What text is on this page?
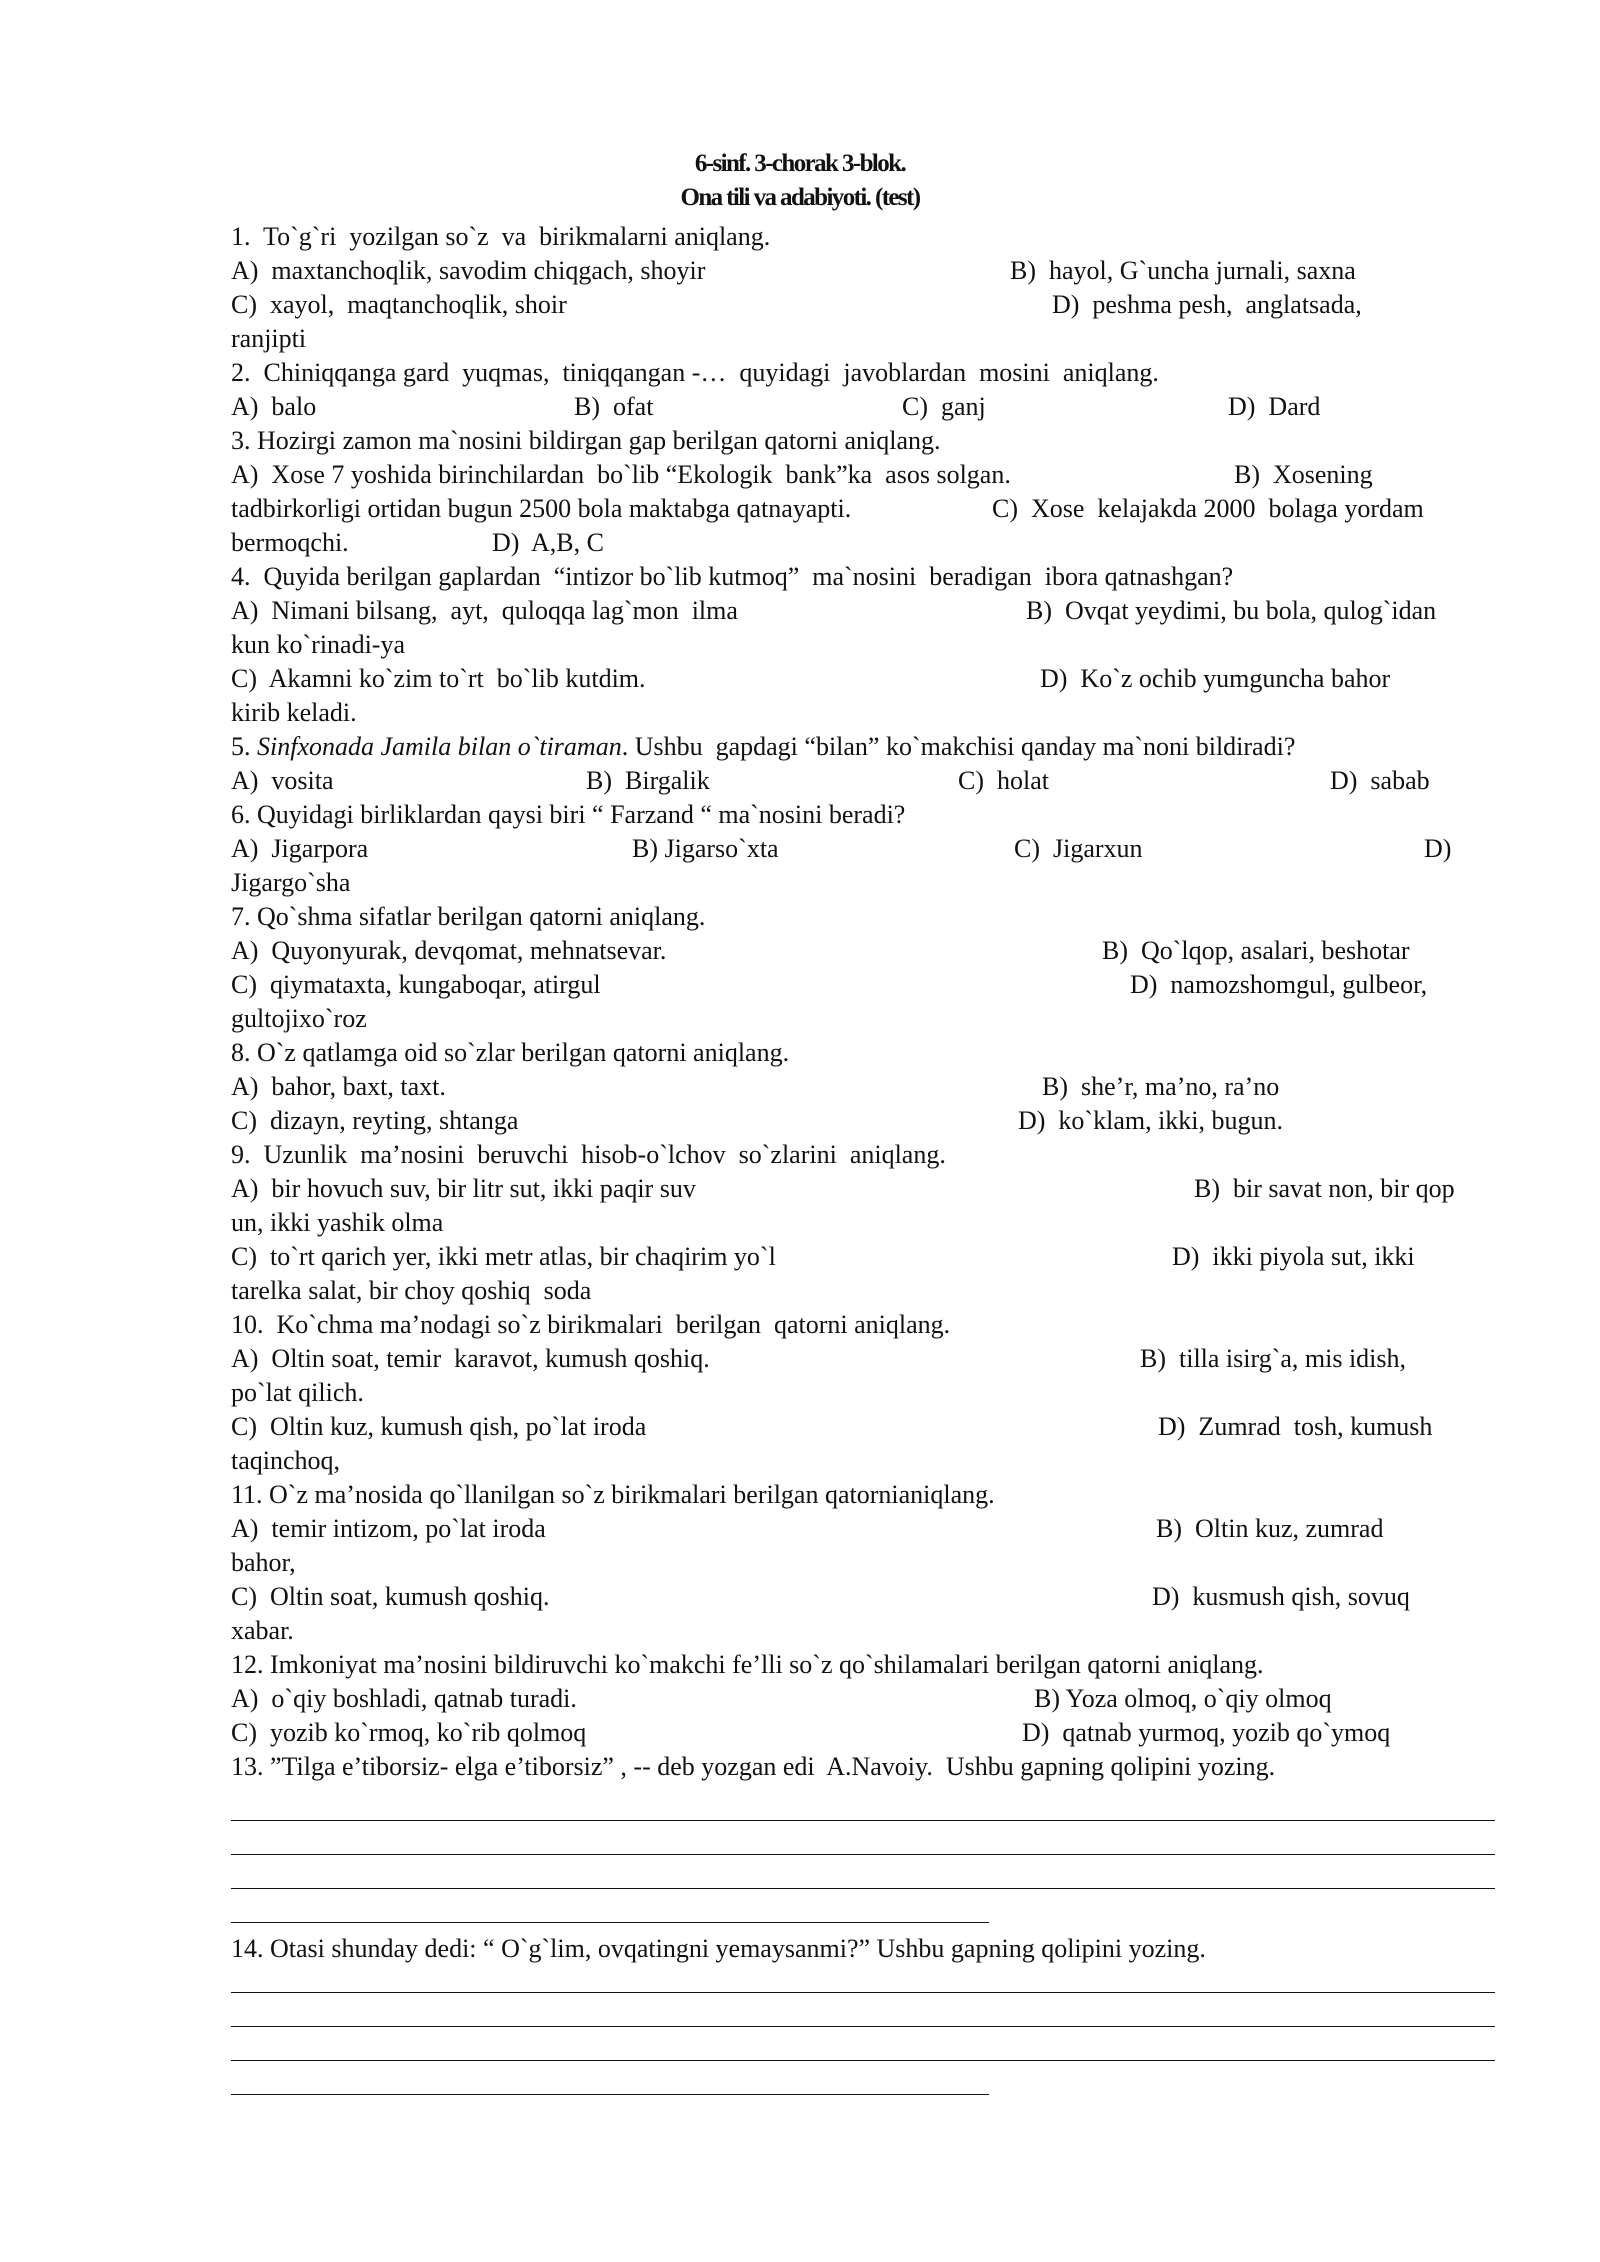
6-sinf. 3-chorak 3-blok.
Ona tili va adabiyoti. (test)
1.  To`g`ri  yozilgan so`z  va  birikmalarni aniqlang.
A)  maxtanchoqlik, savodim chiqgach, shoyir	B)  hayol, G`uncha jurnali, saxna
C)  xayol,  maqtanchoqlik, shoir	D)  peshma pesh,  anglatsada,
ranjipti
2.  Chiniqqanga gard  yuqmas,  tiniqqangan -…  quyidagi  javoblardan  mosini  aniqlang.
A)  balo	B)  ofat	C)  ganj	D)  Dard
3. Hozirgi zamon ma`nosini bildirgan gap berilgan qatorni aniqlang.
A)  Xose 7 yoshida birinchilardan  bo`lib “Ekologik  bank”ka  asos solgan.	B)  Xosening
tadbirkorligi ortidan bugun 2500 bola maktabga qatnayapti.	C)  Xose  kelajakda 2000  bolaga yordam
bermoqchi.	D)  A,B, C
4.  Quyida berilgan gaplardan  “intizor bo`lib kutmoq”  ma`nosini  beradigan  ibora qatnashgan?
A)  Nimani bilsang,  ayt,  quloqqa lag`mon  ilma	B)  Ovqat yeydimi, bu bola, qulog`idan
kun ko`rinadi-ya
C)  Akamni ko`zim to`rt  bo`lib kutdim.	D)  Ko`z ochib yumguncha bahor
kirib keladi.
5. Sinfxonada Jamila bilan o`tiraman. Ushbu  gapdagi “bilan” ko`makchisi qanday ma`noni bildiradi?
A)  vosita	B)  Birgalik	C)  holat	D)  sabab
6. Quyidagi birliklardan qaysi biri “ Farzand “ ma`nosini beradi?
A)  Jigarpora	B) Jigarso`xta	C)  Jigarxun	D)
Jigargo`sha
7. Qo`shma sifatlar berilgan qatorni aniqlang.
A)  Quyonyurak, devqomat, mehnatsevar.	B)  Qo`lqop, asalari, beshotar
C)  qiymataxta, kungaboqar, atirgul	D)  namozshomgul, gulbeor,
gultojixo`roz
8. O`z qatlamga oid so`zlar berilgan qatorni aniqlang.
A)  bahor, baxt, taxt.	B)  she’r, ma’no, ra’no
C)  dizayn, reyting, shtanga	D)  ko`klam, ikki, bugun.
9.  Uzunlik  ma’nosini  beruvchi  hisob-o`lchov  so`zlarini  aniqlang.
A)  bir hovuch suv, bir litr sut, ikki paqir suv	B)  bir savat non, bir qop
un, ikki yashik olma
C)  to`rt qarich yer, ikki metr atlas, bir chaqirim yo`l	D)  ikki piyola sut, ikki
tarelka salat, bir choy qoshiq  soda
10.  Ko`chma ma’nodagi so`z birikmalari  berilgan  qatorni aniqlang.
A)  Oltin soat, temir  karavot, kumush qoshiq.	B)  tilla isirg`a, mis idish,
po`lat qilich.
C)  Oltin kuz, kumush qish, po`lat iroda	D)  Zumrad  tosh, kumush
taqinchoq,
11. O`z ma’nosida qo`llanilgan so`z birikmalari berilgan qatornianiqlang.
A)  temir intizom, po`lat iroda	B)  Oltin kuz, zumrad
bahor,
C)  Oltin soat, kumush qoshiq.	D)  kusmush qish, sovuq
xabar.
12. Imkoniyat ma’nosini bildiruvchi ko`makchi fe’lli so`z qo`shilamalari berilgan qatorni aniqlang.
A)  o`qiy boshladi, qatnab turadi.	B) Yoza olmoq, o`qiy olmoq
C)  yozib ko`rmoq, ko`rib qolmoq	D)  qatnab yurmoq, yozib qo`ymoq
13. ”Tilga e’tiborsiz- elga e’tiborsiz” , -- deb yozgan edi  A.Navoiy.  Ushbu gapning qolipini yozing.
14. Otasi shunday dedi: “ O`g`lim, ovqatingni yemaysanmi?” Ushbu gapning qolipini yozing.
